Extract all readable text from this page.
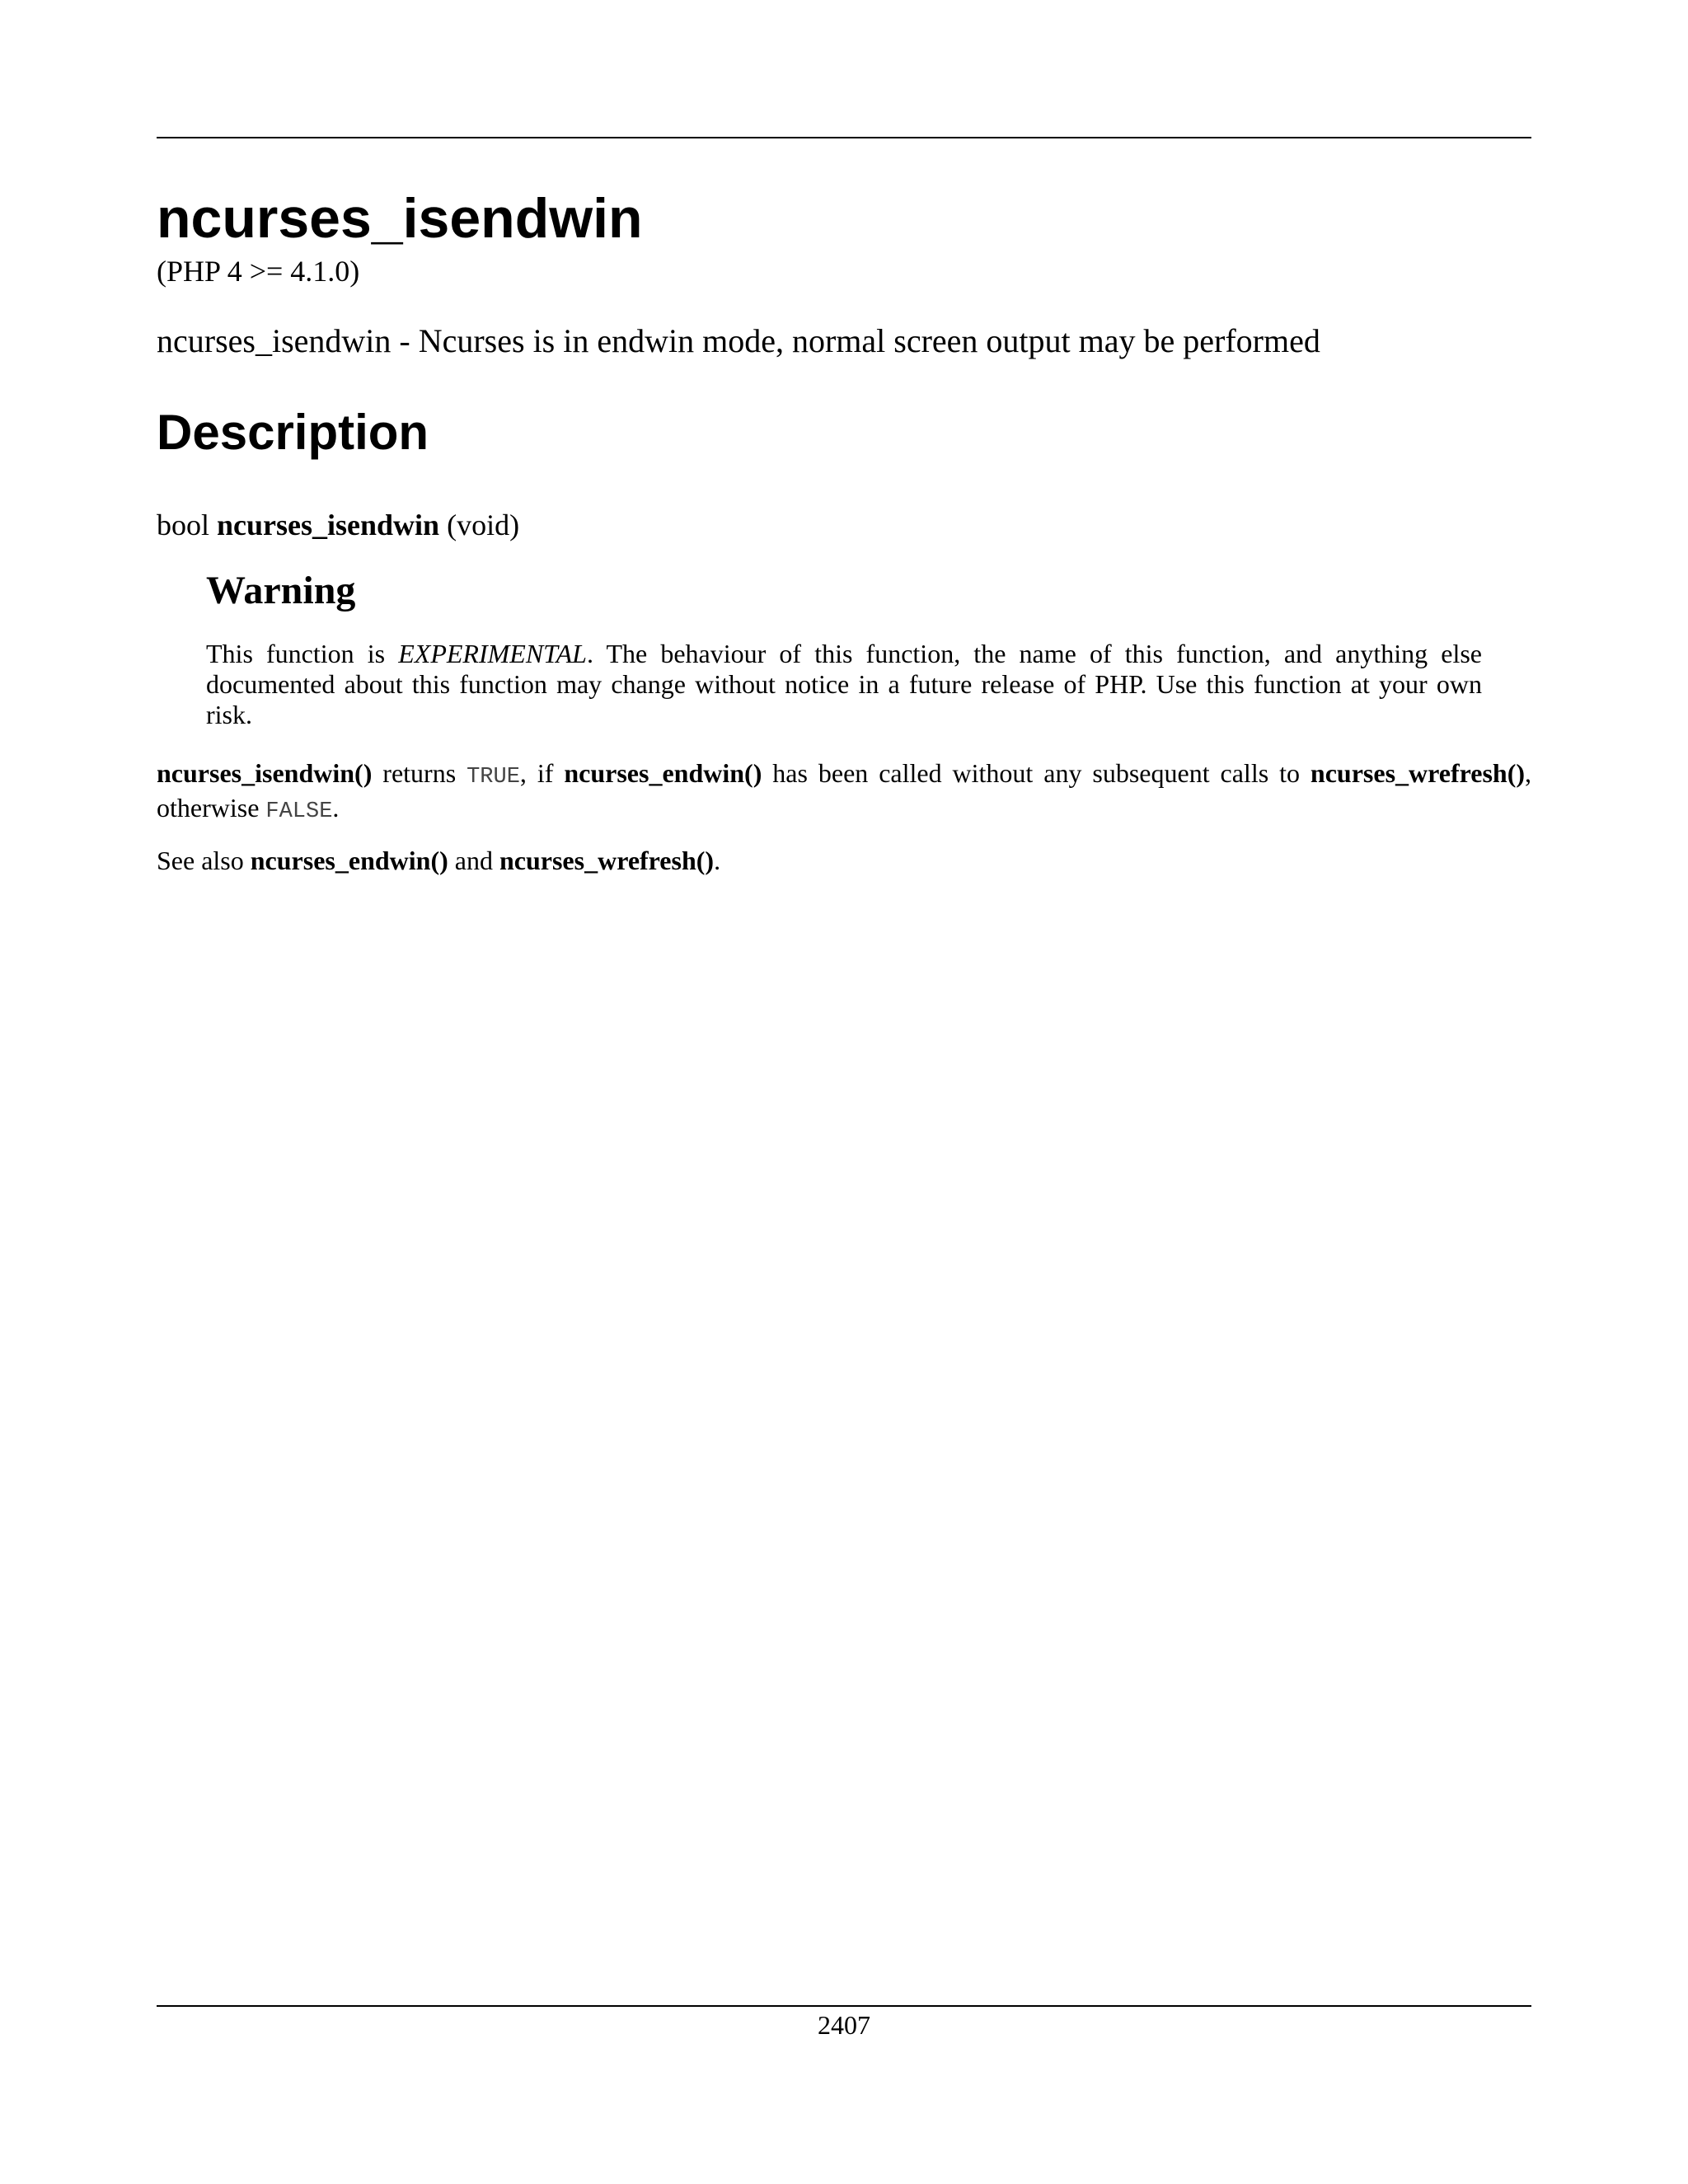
ncurses_isendwin
(PHP 4 >= 4.1.0)
ncurses_isendwin - Ncurses is in endwin mode, normal screen output may be performed
Description
bool ncurses_isendwin (void)
Warning

This function is EXPERIMENTAL. The behaviour of this function, the name of this function, and anything else documented about this function may change without notice in a future release of PHP. Use this function at your own risk.

ncurses_isendwin() returns TRUE, if ncurses_endwin() has been called without any subsequent calls to ncurses_wrefresh(), otherwise FALSE.

See also ncurses_endwin() and ncurses_wrefresh().

2407
